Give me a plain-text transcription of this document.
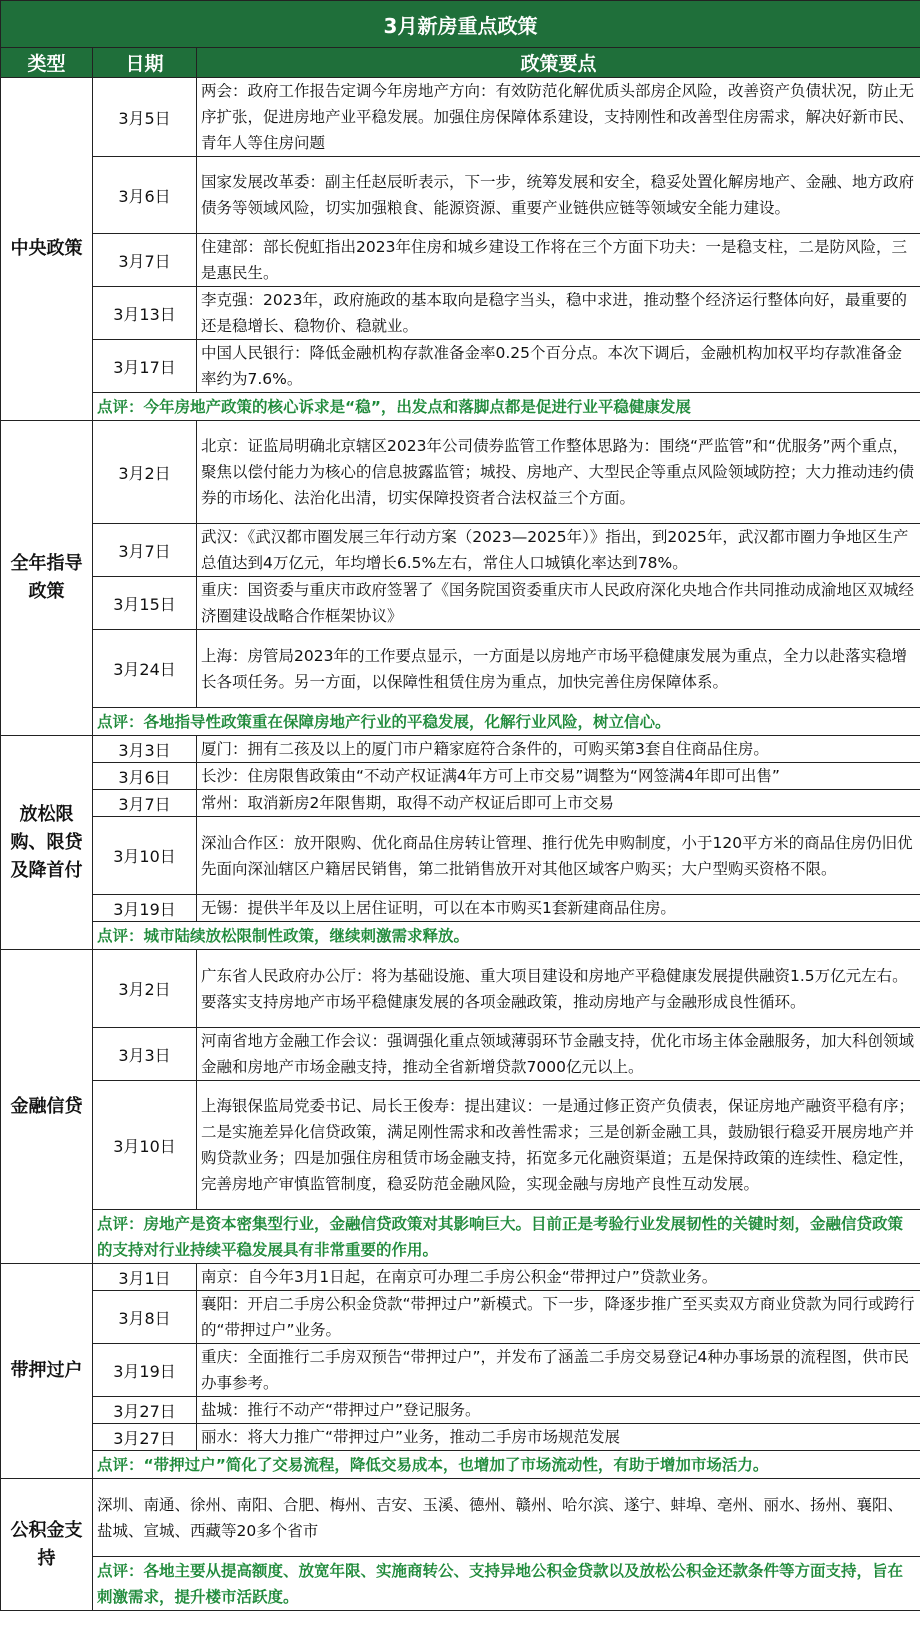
3月新房重点政策		
类型	日期	政策要点
中央政策	3月5日	两会：政府工作报告定调今年房地产方向：有效防范化解优质头部房企风险，改善资产负债状况，防止无序扩张，促进房地产业平稳发展。加强住房保障体系建设，支持刚性和改善型住房需求，解决好新市民、青年人等住房问题
	3月6日	国家发展改革委：副主任赵辰昕表示，下一步，统筹发展和安全，稳妥处置化解房地产、金融、地方政府债务等领域风险，切实加强粮食、能源资源、重要产业链供应链等领域安全能力建设。
	3月7日	住建部：部长倪虹指出2023年住房和城乡建设工作将在三个方面下功夫：一是稳支柱，二是防风险，三是惠民生。
	3月13日	李克强：2023年，政府施政的基本取向是稳字当头，稳中求进，推动整个经济运行整体向好，最重要的还是稳增长、稳物价、稳就业。
	3月17日	中国人民银行：降低金融机构存款准备金率0.25个百分点。本次下调后，金融机构加权平均存款准备金率约为7.6%。
	点评：今年房地产政策的核心诉求是“稳”，出发点和落脚点都是促进行业平稳健康发展	
全年指导政策	3月2日	北京：证监局明确北京辖区2023年公司债券监管工作整体思路为：围绕“严监管”和“优服务”两个重点，聚焦以偿付能力为核心的信息披露监管；城投、房地产、大型民企等重点风险领域防控；大力推动违约债券的市场化、法治化出清，切实保障投资者合法权益三个方面。
	3月7日	武汉：《武汉都市圈发展三年行动方案（2023—2025年）》指出，到2025年，武汉都市圈力争地区生产总值达到4万亿元，年均增长6.5%左右，常住人口城镇化率达到78%。
	3月15日	重庆：国资委与重庆市政府签署了《国务院国资委重庆市人民政府深化央地合作共同推动成渝地区双城经济圈建设战略合作框架协议》
	3月24日	上海：房管局2023年的工作要点显示，一方面是以房地产市场平稳健康发展为重点，全力以赴落实稳增长各项任务。另一方面，以保障性租赁住房为重点，加快完善住房保障体系。
	点评：各地指导性政策重在保障房地产行业的平稳发展，化解行业风险，树立信心。	
放松限购、限贷及降首付	3月3日	厦门：拥有二孩及以上的厦门市户籍家庭符合条件的，可购买第3套自住商品住房。
	3月6日	长沙：住房限售政策由“不动产权证满4年方可上市交易”调整为“网签满4年即可出售”
	3月7日	常州：取消新房2年限售期，取得不动产权证后即可上市交易
	3月10日	深汕合作区：放开限购、优化商品住房转让管理、推行优先申购制度，小于120平方米的商品住房仍旧优先面向深汕辖区户籍居民销售，第二批销售放开对其他区域客户购买；大户型购买资格不限。
	3月19日	无锡：提供半年及以上居住证明，可以在本市购买1套新建商品住房。
	点评：城市陆续放松限制性政策，继续刺激需求释放。	
金融信贷	3月2日	广东省人民政府办公厅：将为基础设施、重大项目建设和房地产平稳健康发展提供融资1.5万亿元左右。要落实支持房地产市场平稳健康发展的各项金融政策，推动房地产与金融形成良性循环。
	3月3日	河南省地方金融工作会议：强调强化重点领域薄弱环节金融支持，优化市场主体金融服务，加大科创领域金融和房地产市场金融支持，推动全省新增贷款7000亿元以上。
	3月10日	上海银保监局党委书记、局长王俊寿：提出建议：一是通过修正资产负债表，保证房地产融资平稳有序；二是实施差异化信贷政策，满足刚性需求和改善性需求；三是创新金融工具，鼓励银行稳妥开展房地产并购贷款业务；四是加强住房租赁市场金融支持，拓宽多元化融资渠道；五是保持政策的连续性、稳定性，完善房地产审慎监管制度，稳妥防范金融风险，实现金融与房地产良性互动发展。
	点评：房地产是资本密集型行业，金融信贷政策对其影响巨大。目前正是考验行业发展韧性的关键时刻，金融信贷政策的支持对行业持续平稳发展具有非常重要的作用。	
带押过户	3月1日	南京：自今年3月1日起，在南京可办理二手房公积金“带押过户”贷款业务。
	3月8日	襄阳：开启二手房公积金贷款“带押过户”新模式。下一步，降逐步推广至买卖双方商业贷款为同行或跨行的“带押过户”业务。
	3月19日	重庆：全面推行二手房双预告“带押过户”，并发布了涵盖二手房交易登记4种办事场景的流程图，供市民办事参考。
	3月27日	盐城：推行不动产“带押过户”登记服务。
	3月27日	丽水：将大力推广“带押过户”业务，推动二手房市场规范发展
	点评：“带押过户”简化了交易流程，降低交易成本，也增加了市场流动性，有助于增加市场活力。	
公积金支持	深圳、南通、徐州、南阳、合肥、梅州、吉安、玉溪、德州、赣州、哈尔滨、遂宁、蚌埠、亳州、丽水、扬州、襄阳、盐城、宣城、西藏等20多个省市	
	点评：各地主要从提高额度、放宽年限、实施商转公、支持异地公积金贷款以及放松公积金还款条件等方面支持，旨在刺激需求，提升楼市活跃度。	
